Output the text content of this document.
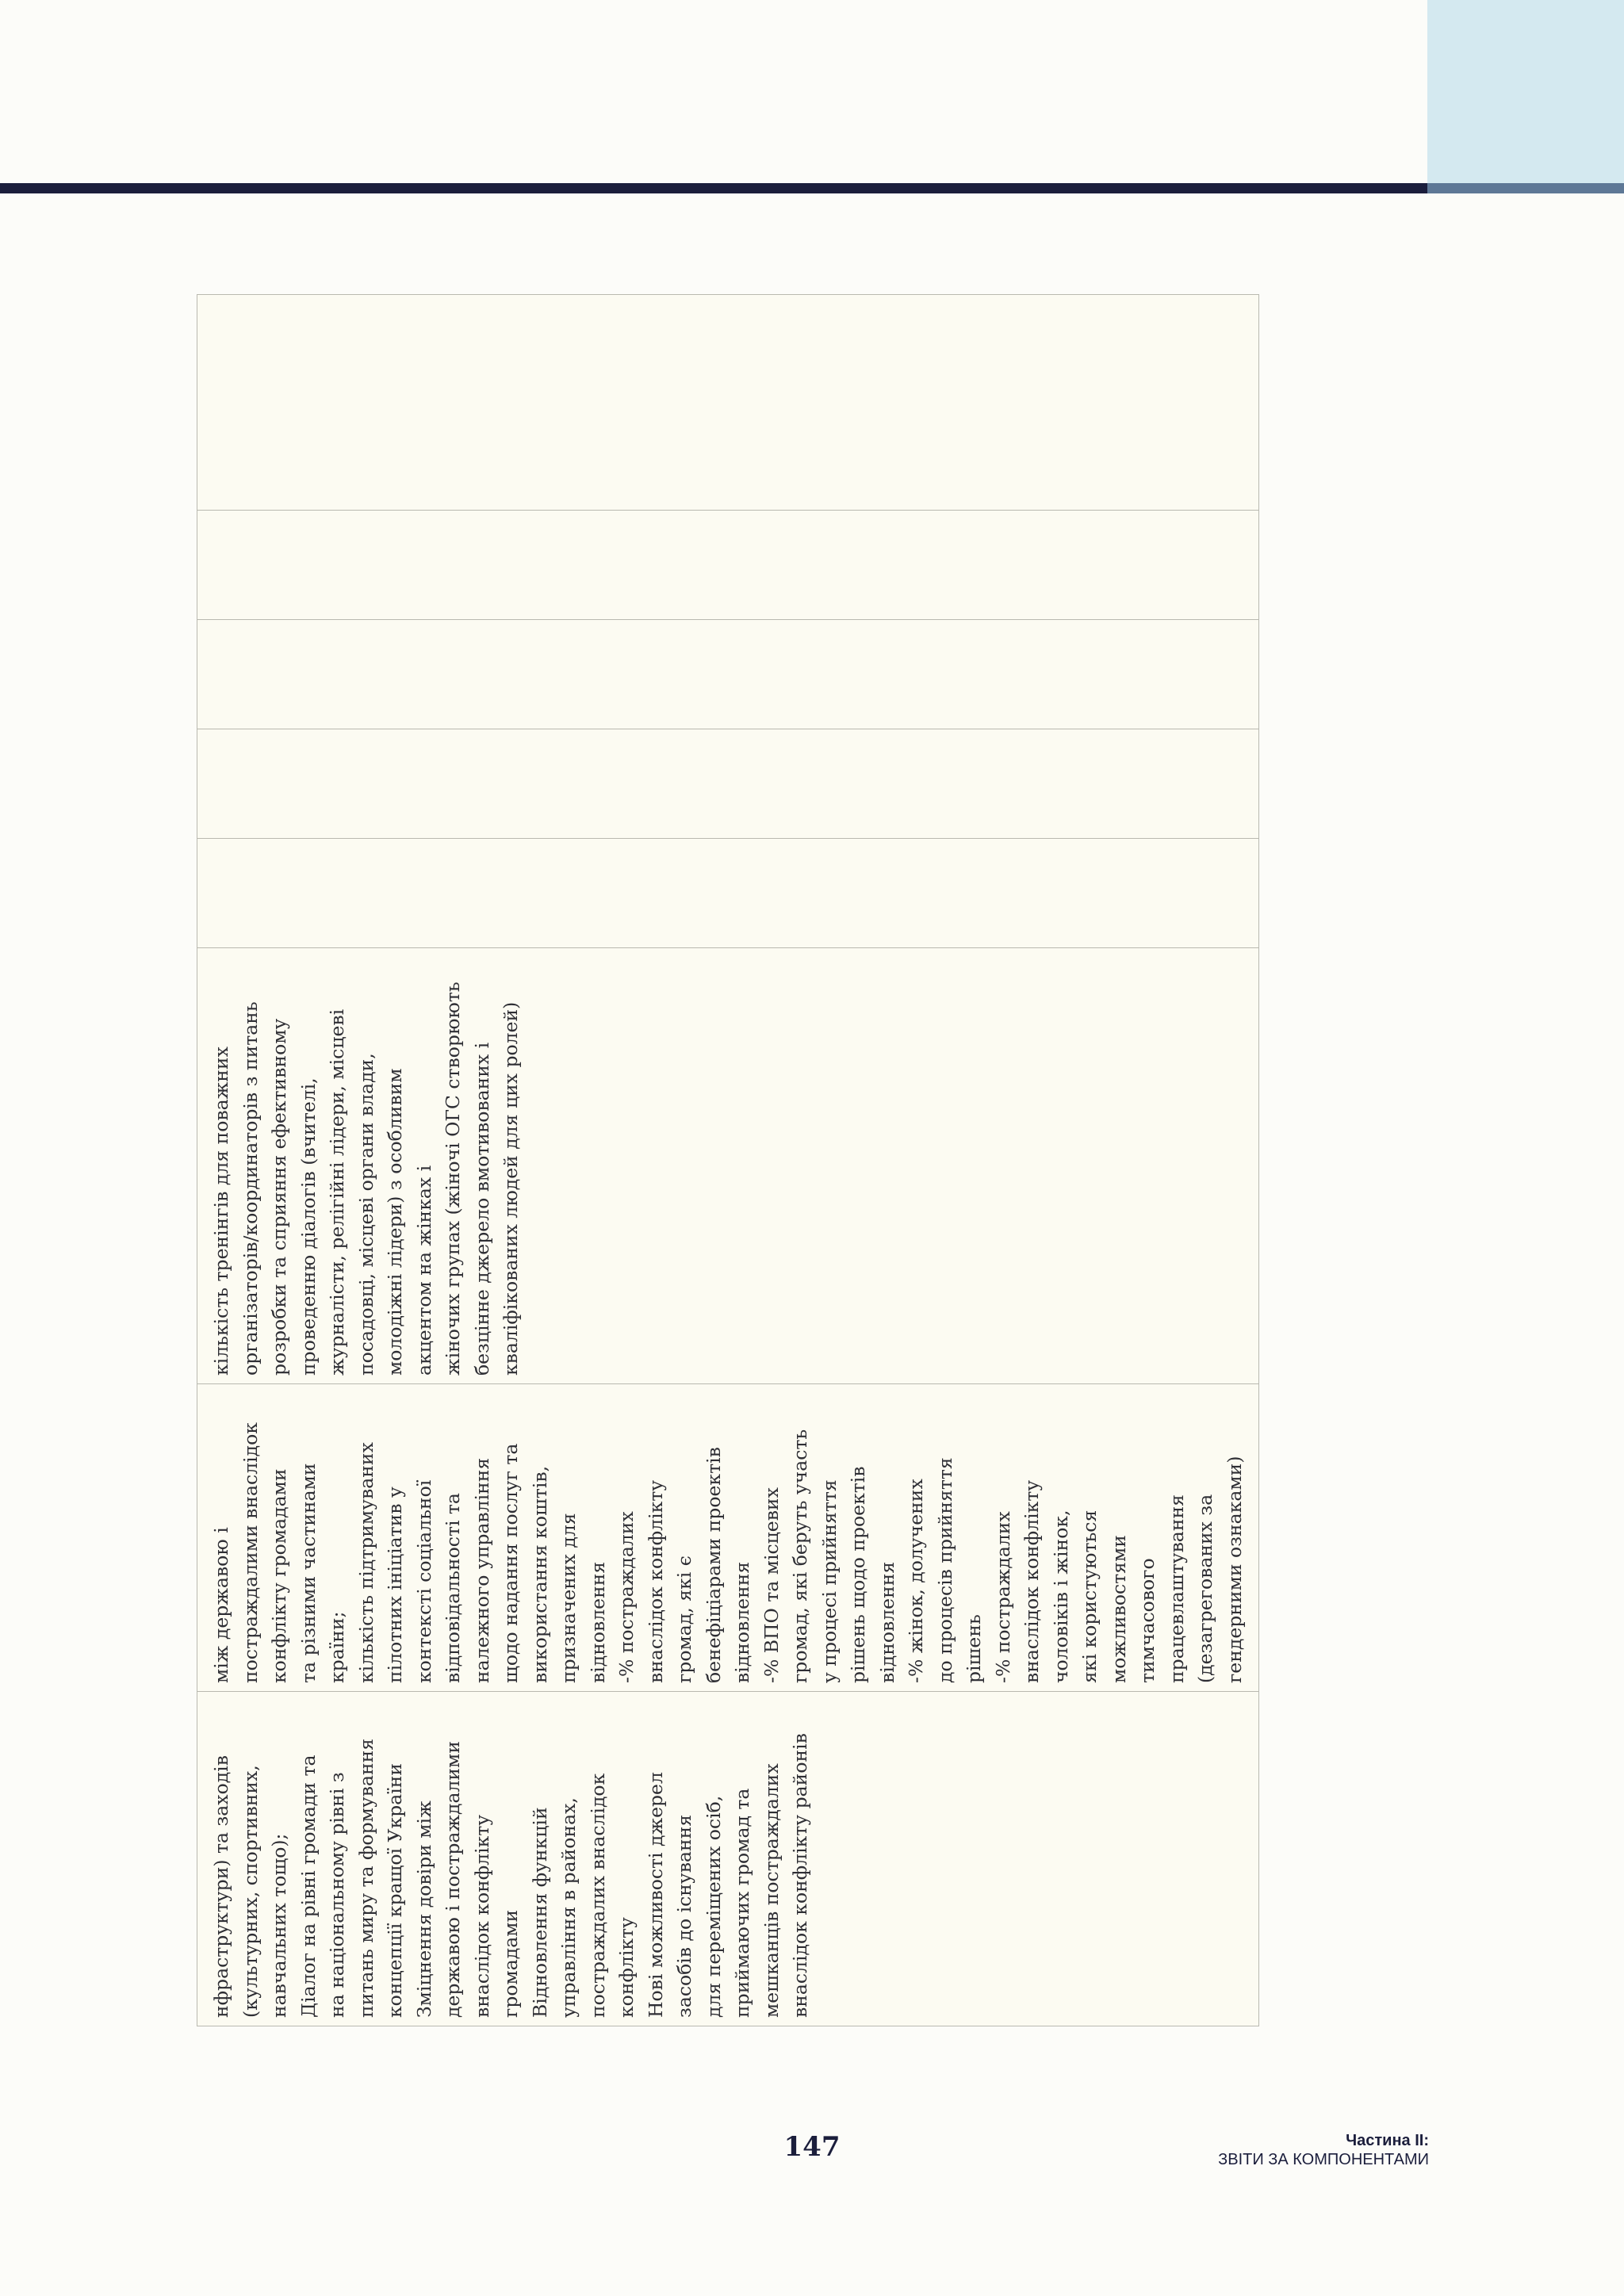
нфраструктури) та заходів
(культурних, спортивних,
навчальних тощо);
Діалог на рівні громади та
на національному рівні з
питань миру та формування
концепції кращої України
Зміцнення довіри між
державою і постраждалими
внаслідок конфлікту
громадами
Відновлення функцій
управління в районах,
постраждалих внаслідок
конфлікту
Нові можливості джерел
засобів до існування
для переміщених осіб,
приймаючих громад та
мешканців постраждалих
внаслідок конфлікту районів	між державою і
постраждалими внаслідок
конфлікту громадами
та різними частинами
країни;
кількість підтримуваних
пілотних ініціатив у
контексті соціальної
відповідальності та
належного управління
щодо надання послуг та
використання коштів,
призначених для
відновлення
-% постраждалих
внаслідок конфлікту
громад, які є
бенефіціарами проектів
відновлення
-% ВПО та місцевих
громад, які беруть участь
у процесі прийняття
рішень щодо проектів
відновлення
-% жінок, долучених
до процесів прийняття
рішень
-% постраждалих
внаслідок конфлікту
чоловіків і жінок,
які користуються
можливостями
тимчасового
працевлаштування
(дезагрегованих за
гендерними ознаками)	кількість тренінгів для поважних
організаторів/координаторів з питань
розробки та сприяння ефективному
проведенню діалогів (вчителі,
журналісти, релігійні лідери, місцеві
посадовці, місцеві органи влади,
молодіжні лідери) з особливим
акцентом на жінках і
жіночих групах (жіночі ОГС створюють
безцінне джерело вмотивованих і
кваліфікованих людей для цих ролей)					
147	Частина II:
ЗВІТИ ЗА КОМПОНЕНТАМИ
